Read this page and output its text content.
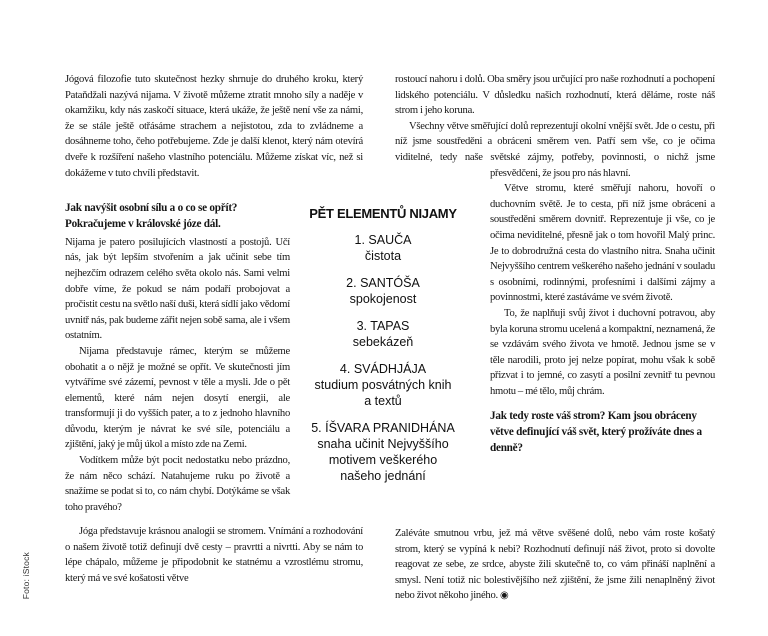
Foto: iStock

Jógová filozofie tuto skutečnost hezky shrnuje do druhého kroku, který Pataňdžali nazývá nijama. V životě můžeme ztratit mnoho síly a naděje v okamžiku, kdy nás zaskočí situace, která ukáže, že ještě není vše za námi, že se stále ještě otřásáme strachem a nejistotou, zda to zvládneme a dosáhneme toho, čeho potřebujeme. Zde je další klenot, který nám otevírá dveře k rozšíření našeho vlastního potenciálu. Můžeme získat víc, než si dokážeme v tuto chvíli představit.

Jak navýšit osobní sílu a o co se opřít? Pokračujeme v královské józe dál.

Nijama je patero posilujících vlastností a postojů. Učí nás, jak být lepším stvořením a jak učinit sebe tím nejhezčím odrazem celého světa okolo nás. Sami velmi dobře víme, že pokud se nám podaří probojovat a pročistit cestu na světlo naší duši, která sídlí jako vědomí uvnitř nás, pak budeme zářit nejen sobě sama, ale i všem ostatním.

Nijama představuje rámec, kterým se můžeme obohatit a o nějž je možné se opřít. Ve skutečnosti jím vytváříme své zázemí, pevnost v těle a mysli. Jde o pět elementů, které nám nejen dosytí energii, ale transformují ji do vyšších pater, a to z jednoho hlavního důvodu, kterým je návrat ke své síle, potenciálu a zjištění, jaký je můj úkol a místo zde na Zemi.

Vodítkem může být pocit nedostatku nebo prázdno, že nám něco schází. Natahujeme ruku po životě a snažíme se podat si to, co nám chybí. Dotýkáme se však toho pravého?

Jóga představuje krásnou analogii se stromem. Vnímání a rozhodování o našem životě totiž definují dvě cesty – pravrtti a nivrtti. Aby se nám to lépe chápalo, můžeme je připodobnit ke statnému a vzrostlému stromu, který má ve své košatosti větve

PĚT ELEMENTŮ NIJAMY
1. SAUČA
čistota
2. SANTÓŠA
spokojenost
3. TAPAS
sebekázeň
4. SVÁDHJÁJA
studium posvátných knih a textů
5. ÍŠVARA PRANIDHÁNA
snaha učinit Nejvyššího motivem veškerého našeho jednání

rostoucí nahoru i dolů. Oba směry jsou určující pro naše rozhodnutí a pochopení lidského potenciálu. V důsledku našich rozhodnutí, která děláme, roste náš strom i jeho koruna.

Všechny větve směřující dolů reprezentují okolní vnější svět. Jde o cestu, při níž jsme soustředěni a obráceni směrem ven. Patří sem vše, co je očima viditelné, tedy naše světské zájmy, potřeby, povinnosti, o nichž jsme přesvědčeni, že jsou pro nás hlavní.

Větve stromu, které směřují nahoru, hovoří o duchovním světě. Je to cesta, při níž jsme obráceni a soustředěni směrem dovnitř. Reprezentuje ji vše, co je očima neviditelné, přesně jak o tom hovořil Malý princ. Je to dobrodružná cesta do vlastního nitra. Snaha učinit Nejvyššího centrem veškerého našeho jednání v souladu s osobními, rodinnými, profesními i dalšími zájmy a povinnostmi, které zastáváme ve svém životě.

To, že naplňuji svůj život i duchovní potravou, aby byla koruna stromu ucelená a kompaktní, neznamená, že se vzdávám svého života ve hmotě. Jednou jsme se v těle narodili, proto jej nelze popírat, mohu však k sobě přizvat i to jemné, co zasytí a posilní zevnitř tu pevnou hmotu – mé tělo, můj chrám.

Jak tedy roste váš strom? Kam jsou obráceny větve definující váš svět, který prožíváte dnes a denně?

Zaléváte smutnou vrbu, jež má větve svěšené dolů, nebo vám roste košatý strom, který se vypíná k nebi? Rozhodnutí definují náš život, proto si dovolte reagovat ze sebe, ze srdce, abyste žili skutečně to, co vám přináší naplnění a smysl. Není totiž nic bolestivějšího než zjištění, že jsme žili nenaplněný život nebo život někoho jiného. ◉
